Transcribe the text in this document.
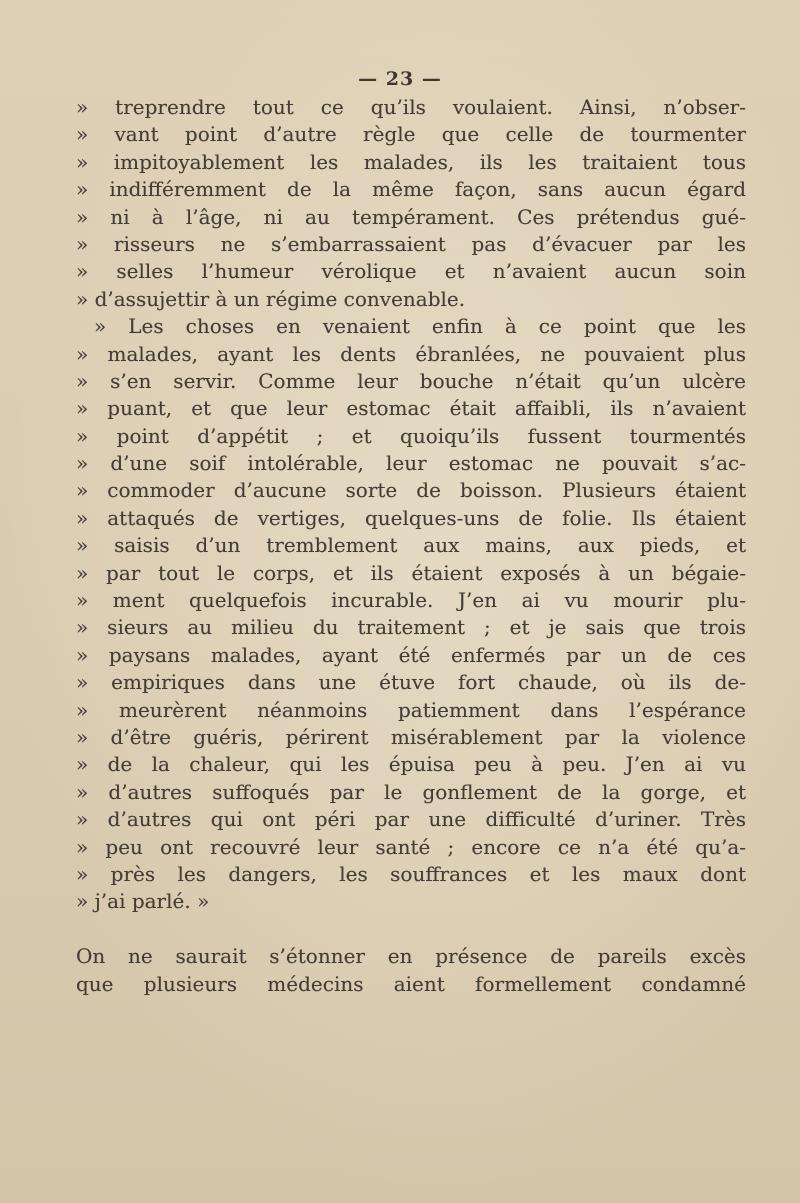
— 23 —
» treprendre tout ce qu’ils voulaient. Ainsi, n’obser-
» vant point d’autre règle que celle de tourmenter
» impitoyablement les malades, ils les traitaient tous
» indifféremment de la même façon, sans aucun égard
» ni à l’âge, ni au tempérament. Ces prétendus gué-
» risseurs ne s’embarrassaient pas d’évacuer par les
» selles l’humeur vérolique et n’avaient aucun soin
» d’assujettir à un régime convenable.
» Les choses en venaient enfin à ce point que les
» malades, ayant les dents ébranlées, ne pouvaient plus
» s’en servir. Comme leur bouche n’était qu’un ulcère
» puant, et que leur estomac était affaibli, ils n’avaient
» point d’appétit ; et quoiqu’ils fussent tourmentés
» d’une soif intolérable, leur estomac ne pouvait s’ac-
» commoder d’aucune sorte de boisson. Plusieurs étaient
» attaqués de vertiges, quelques-uns de folie. Ils étaient
» saisis d’un tremblement aux mains, aux pieds, et
» par tout le corps, et ils étaient exposés à un bégaie-
» ment quelquefois incurable. J’en ai vu mourir plu-
» sieurs au milieu du traitement ; et je sais que trois
» paysans malades, ayant été enfermés par un de ces
» empiriques dans une étuve fort chaude, où ils de-
» meurèrent néanmoins patiemment dans l’espérance
» d’être guéris, périrent misérablement par la violence
» de la chaleur, qui les épuisa peu à peu. J’en ai vu
» d’autres suffoqués par le gonflement de la gorge, et
» d’autres qui ont péri par une difficulté d’uriner. Très
» peu ont recouvré leur santé ; encore ce n’a été qu’a-
» près les dangers, les souffrances et les maux dont
» j’ai parlé. »
On ne saurait s’étonner en présence de pareils excès
que plusieurs médecins aient formellement condamné
